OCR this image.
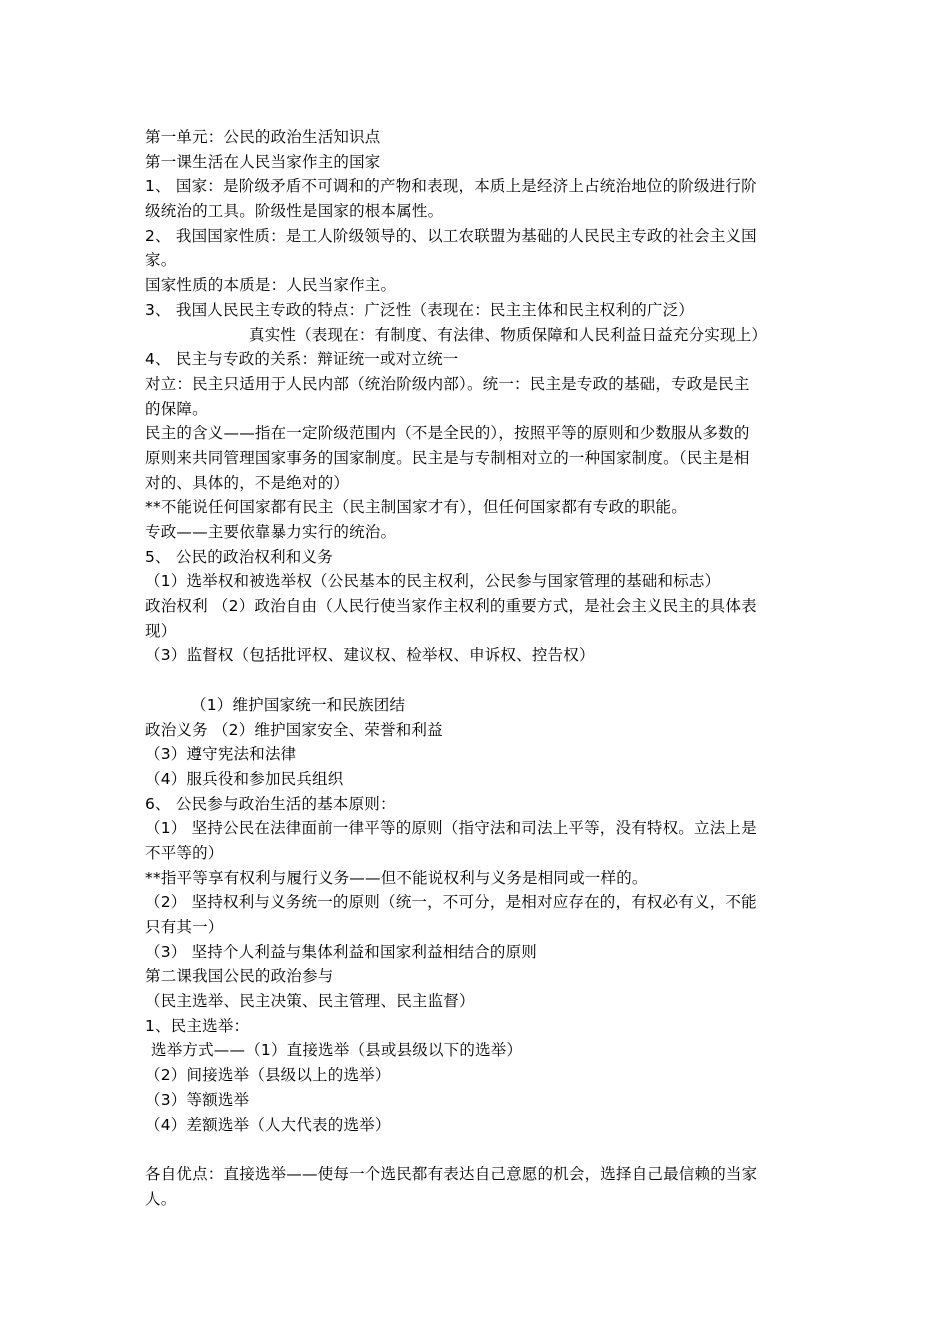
第一单元：公民的政治生活知识点
第一课生活在人民当家作主的国家
1、 国家：是阶级矛盾不可调和的产物和表现，本质上是经济上占统治地位的阶级进行阶
级统治的工具。阶级性是国家的根本属性。
2、 我国国家性质：是工人阶级领导的、以工农联盟为基础的人民民主专政的社会主义国
家。
国家性质的本质是：人民当家作主。
3、 我国人民民主专政的特点：广泛性（表现在：民主主体和民主权利的广泛）
真实性（表现在：有制度、有法律、物质保障和人民利益日益充分实现上）
4、 民主与专政的关系：辩证统一或对立统一
对立：民主只适用于人民内部（统治阶级内部）。统一：民主是专政的基础，专政是民主
的保障。
民主的含义——指在一定阶级范围内（不是全民的），按照平等的原则和少数服从多数的
原则来共同管理国家事务的国家制度。民主是与专制相对立的一种国家制度。（民主是相
对的、具体的，不是绝对的）
**不能说任何国家都有民主（民主制国家才有），但任何国家都有专政的职能。
专政——主要依靠暴力实行的统治。
5、 公民的政治权利和义务
（1）选举权和被选举权（公民基本的民主权利，公民参与国家管理的基础和标志）
政治权利 （2）政治自由（人民行使当家作主权利的重要方式，是社会主义民主的具体表
现）
（3）监督权（包括批评权、建议权、检举权、申诉权、控告权）
（1）维护国家统一和民族团结
政治义务 （2）维护国家安全、荣誉和利益
（3）遵守宪法和法律
（4）服兵役和参加民兵组织
6、 公民参与政治生活的基本原则：
（1） 坚持公民在法律面前一律平等的原则（指守法和司法上平等，没有特权。立法上是
不平等的）
**指平等享有权利与履行义务——但不能说权利与义务是相同或一样的。
（2） 坚持权利与义务统一的原则（统一，不可分，是相对应存在的，有权必有义，不能
只有其一）
（3） 坚持个人利益与集体利益和国家利益相结合的原则
第二课我国公民的政治参与
（民主选举、民主决策、民主管理、民主监督）
1、民主选举：
选举方式——（1）直接选举（县或县级以下的选举）
（2）间接选举（县级以上的选举）
（3）等额选举
（4）差额选举（人大代表的选举）
各自优点：直接选举——使每一个选民都有表达自己意愿的机会，选择自己最信赖的当家
人。
